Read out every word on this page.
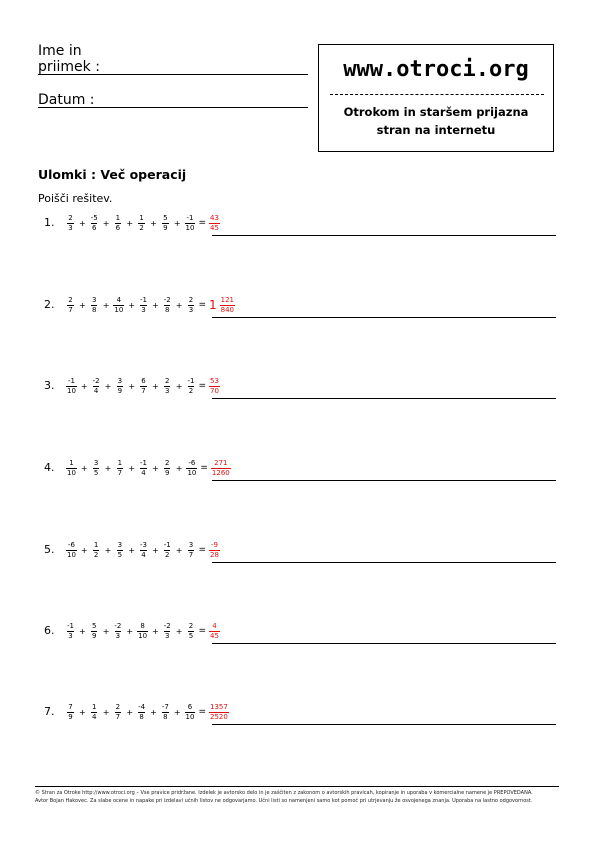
Ime in
priimek :
Datum :
www.otroci.org
Otrokom in staršem prijazna
stran na internetu
Ulomki : Več operacij
Poišči rešitev.
1. $\frac{2}{3} + \frac{-5}{6} + \frac{1}{6} + \frac{1}{2} + \frac{5}{9} + \frac{-1}{10} = \frac{43}{45}$
2. $\frac{2}{7} + \frac{3}{8} + \frac{4}{10} + \frac{-1}{3} + \frac{-2}{8} + \frac{2}{3} = 1 \frac{121}{840}$
3. $\frac{-1}{10} + \frac{-2}{4} + \frac{3}{9} + \frac{6}{7} + \frac{2}{3} + \frac{-1}{2} = \frac{53}{70}$
4. $\frac{1}{10} + \frac{3}{5} + \frac{1}{7} + \frac{-1}{4} + \frac{2}{9} + \frac{-6}{10} = \frac{271}{1260}$
5. $\frac{-6}{10} + \frac{1}{2} + \frac{3}{5} + \frac{-3}{4} + \frac{-1}{2} + \frac{3}{7} = \frac{-9}{28}$
6. $\frac{-1}{3} + \frac{5}{9} + \frac{-2}{3} + \frac{8}{10} + \frac{-2}{3} + \frac{2}{5} = \frac{4}{45}$
7. $\frac{7}{9} + \frac{1}{4} + \frac{2}{7} + \frac{-4}{8} + \frac{-7}{8} + \frac{6}{10} = \frac{1357}{2520}$
© Stran za Otroke http://www.otroci.org – Vse pravice pridržane. Izdelek je avtorsko delo in je zaščiten z zakonom o avtorskih pravicah, kopiranje in uporaba v komercialne namene je PREPOVEDANA.
Avtor Bojan Hakovec. Za slabe ocene in napake pri izdelavi učnih listov ne odgovarjamo. Učni listi so namenjeni samo kot pomoč pri utrjevanju že osvojenega znanja. Uporaba na lastno odgovornost.
